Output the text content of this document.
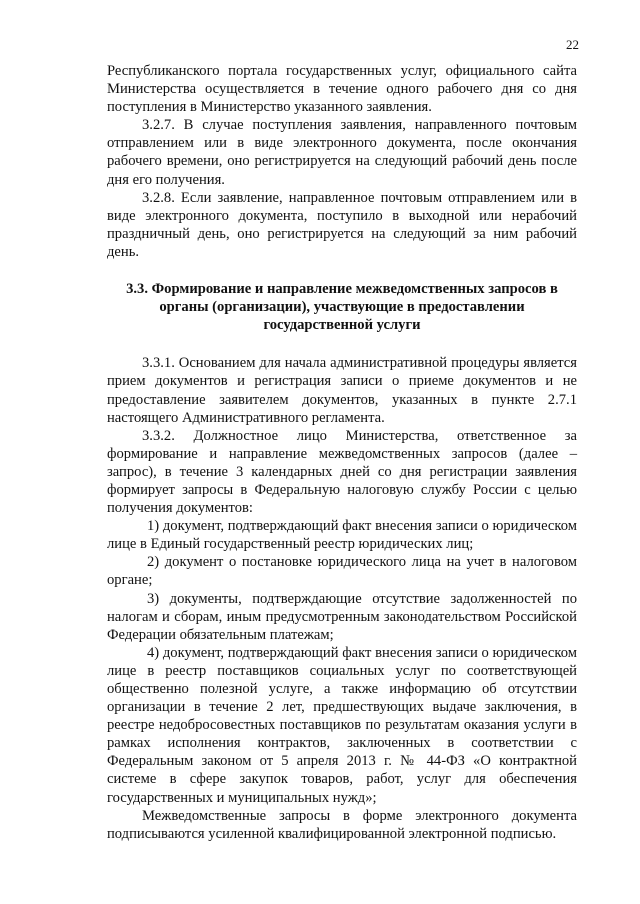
22

Республиканского портала государственных услуг, официального сайта Министерства осуществляется в течение одного рабочего дня со дня поступления в Министерство указанного заявления.

3.2.7. В случае поступления заявления, направленного почтовым отправлением или в виде электронного документа, после окончания рабочего времени, оно регистрируется на следующий рабочий день после дня его получения.

3.2.8. Если заявление, направленное почтовым отправлением или в виде электронного документа, поступило в выходной или нерабочий праздничный день, оно регистрируется на следующий за ним рабочий день.

3.3. Формирование и направление межведомственных запросов в органы (организации), участвующие в предоставлении государственной услуги

3.3.1. Основанием для начала административной процедуры является прием документов и регистрация записи о приеме документов и не предоставление заявителем документов, указанных в пункте 2.7.1 настоящего Административного регламента.

3.3.2. Должностное лицо Министерства, ответственное за формирование и направление межведомственных запросов (далее – запрос), в течение 3 календарных дней со дня регистрации заявления формирует запросы в Федеральную налоговую службу России с целью получения документов:

1) документ, подтверждающий факт внесения записи о юридическом лице в Единый государственный реестр юридических лиц;

2) документ о постановке юридического лица на учет в налоговом органе;

3) документы, подтверждающие отсутствие задолженностей по налогам и сборам, иным предусмотренным законодательством Российской Федерации обязательным платежам;

4) документ, подтверждающий факт внесения записи о юридическом лице в реестр поставщиков социальных услуг по соответствующей общественно полезной услуге, а также информацию об отсутствии организации в течение 2 лет, предшествующих выдаче заключения, в реестре недобросовестных поставщиков по результатам оказания услуги в рамках исполнения контрактов, заключенных в соответствии с Федеральным законом от 5 апреля 2013 г. № 44-ФЗ «О контрактной системе в сфере закупок товаров, работ, услуг для обеспечения государственных и муниципальных нужд»;

Межведомственные запросы в форме электронного документа подписываются усиленной квалифицированной электронной подписью.
